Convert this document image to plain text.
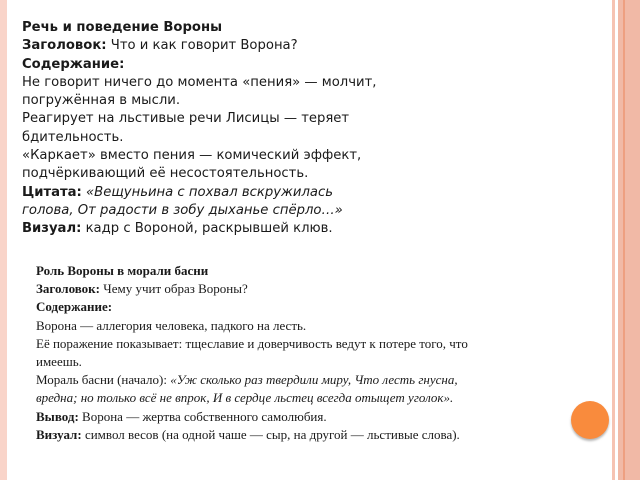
Речь и поведение Вороны
Заголовок: Что и как говорит Ворона?
Содержание:
Не говорит ничего до момента «пения» — молчит,
погружённая в мысли.
Реагирует на льстивые речи Лисицы — теряет
бдительность.
«Каркает» вместо пения — комический эффект,
подчёркивающий её несостоятельность.
Цитата: «Вещуньина с похвал вскружилась
голова, От радости в зобу дыханье спёрло…»
Визуал: кадр с Вороной, раскрывшей клюв.
Роль Вороны в морали басни
Заголовок: Чему учит образ Вороны?
Содержание:
Ворона — аллегория человека, падкого на лесть.
Её поражение показывает: тщеславие и доверчивость ведут к потере того, что
имеешь.
Мораль басни (начало): «Уж сколько раз твердили миру, Что лесть гнусна,
вредна; но только всё не впрок, И в сердце льстец всегда отыщет уголок».
Вывод: Ворона — жертва собственного самолюбия.
Визуал: символ весов (на одной чаше — сыр, на другой — льстивые слова).
